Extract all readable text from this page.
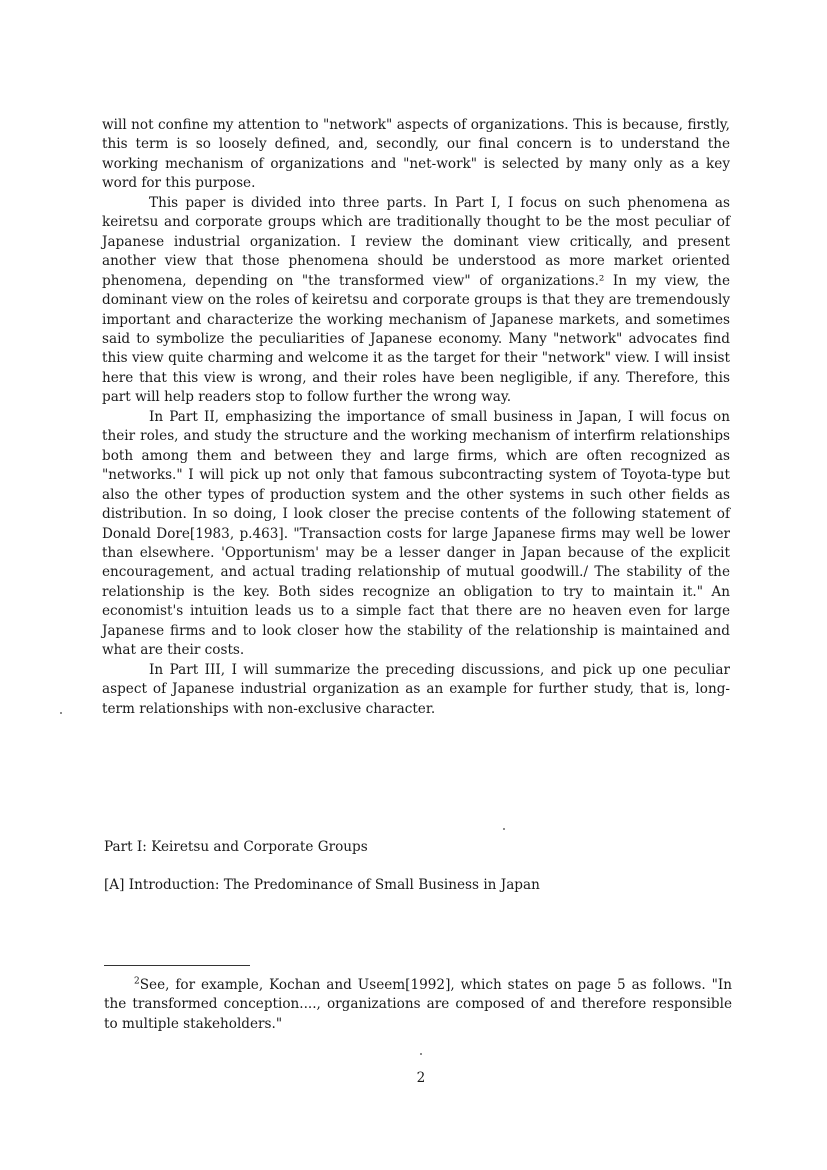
will not confine my attention to "network" aspects of organizations. This is because, firstly, this term is so loosely defined, and, secondly, our final concern is to understand the working mechanism of organizations and "net-work" is selected by many only as a key word for this purpose.

This paper is divided into three parts. In Part I, I focus on such phenomena as keiretsu and corporate groups which are traditionally thought to be the most peculiar of Japanese industrial organization. I review the dominant view critically, and present another view that those phenomena should be understood as more market oriented phenomena, depending on "the transformed view" of organizations.² In my view, the dominant view on the roles of keiretsu and corporate groups is that they are tremendously important and characterize the working mechanism of Japanese markets, and sometimes said to symbolize the peculiarities of Japanese economy. Many "network" advocates find this view quite charming and welcome it as the target for their "network" view. I will insist here that this view is wrong, and their roles have been negligible, if any. Therefore, this part will help readers stop to follow further the wrong way.

In Part II, emphasizing the importance of small business in Japan, I will focus on their roles, and study the structure and the working mechanism of interfirm relationships both among them and between they and large firms, which are often recognized as "networks." I will pick up not only that famous subcontracting system of Toyota-type but also the other types of production system and the other systems in such other fields as distribution. In so doing, I look closer the precise contents of the following statement of Donald Dore[1983, p.463]. "Transaction costs for large Japanese firms may well be lower than elsewhere. 'Opportunism' may be a lesser danger in Japan because of the explicit encouragement, and actual trading relationship of mutual goodwill./ The stability of the relationship is the key. Both sides recognize an obligation to try to maintain it." An economist's intuition leads us to a simple fact that there are no heaven even for large Japanese firms and to look closer how the stability of the relationship is maintained and what are their costs.

In Part III, I will summarize the preceding discussions, and pick up one peculiar aspect of Japanese industrial organization as an example for further study, that is, long-term relationships with non-exclusive character.

Part I: Keiretsu and Corporate Groups
[A] Introduction: The Predominance of Small Business in Japan

$^2$See, for example, Kochan and Useem[1992], which states on page 5 as follows. "In the transformed conception...., organizations are composed of and therefore responsible to multiple stakeholders."

2
